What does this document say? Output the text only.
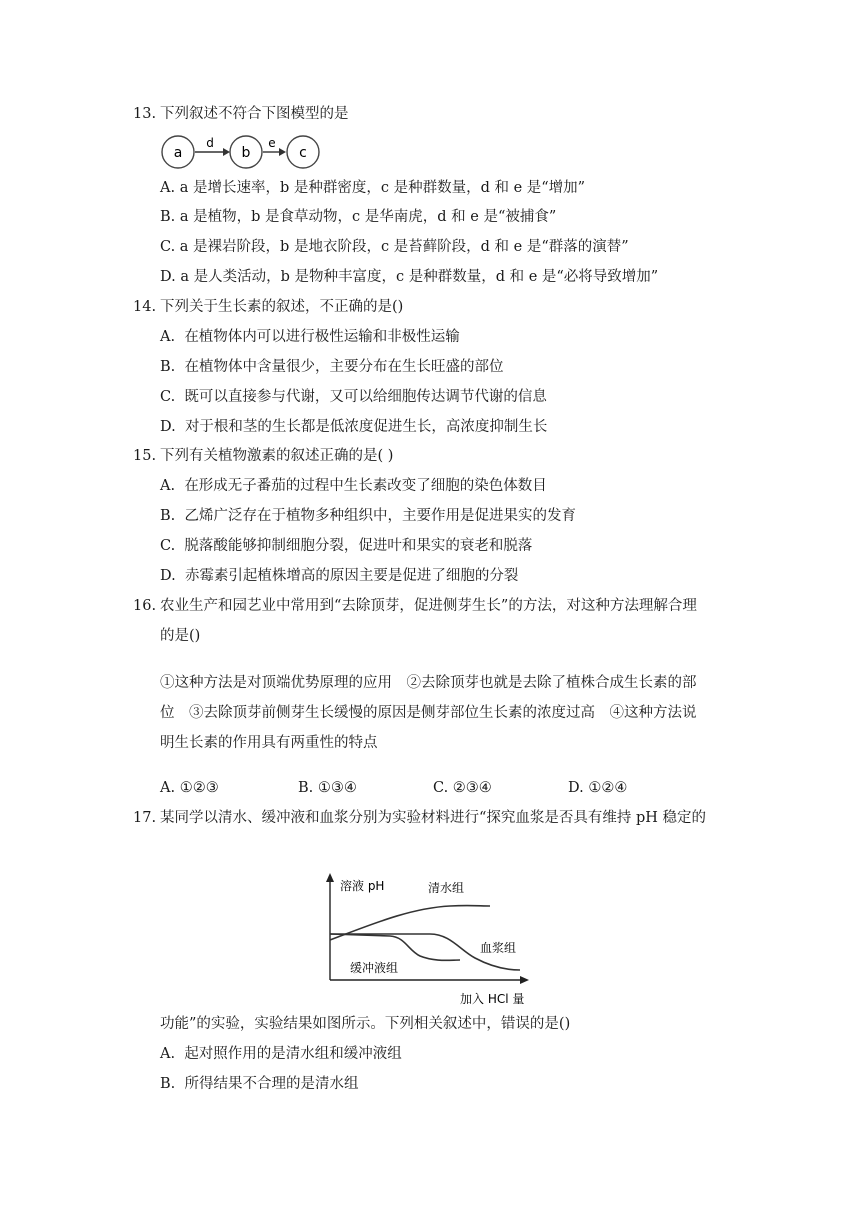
13. 下列叙述不符合下图模型的是
a
d
b
e
c
A. a 是增长速率，b 是种群密度，c 是种群数量，d 和 e 是“增加”
B. a 是植物，b 是食草动物，c 是华南虎，d 和 e 是“被捕食”
C. a 是裸岩阶段，b 是地衣阶段，c 是苔藓阶段，d 和 e 是“群落的演替”
D. a 是人类活动，b 是物种丰富度，c 是种群数量，d 和 e 是“必将导致增加”
14. 下列关于生长素的叙述，不正确的是()
A. 在植物体内可以进行极性运输和非极性运输
B. 在植物体中含量很少，主要分布在生长旺盛的部位
C. 既可以直接参与代谢，又可以给细胞传达调节代谢的信息
D. 对于根和茎的生长都是低浓度促进生长，高浓度抑制生长
15. 下列有关植物激素的叙述正确的是( )
A. 在形成无子番茄的过程中生长素改变了细胞的染色体数目
B. 乙烯广泛存在于植物多种组织中，主要作用是促进果实的发育
C. 脱落酸能够抑制细胞分裂，促进叶和果实的衰老和脱落
D. 赤霉素引起植株增高的原因主要是促进了细胞的分裂
16. 农业生产和园艺业中常用到“去除顶芽，促进侧芽生长”的方法，对这种方法理解合理
的是()
①这种方法是对顶端优势原理的应用　②去除顶芽也就是去除了植株合成生长素的部
位　③去除顶芽前侧芽生长缓慢的原因是侧芽部位生长素的浓度过高　④这种方法说
明生长素的作用具有两重性的特点
A. ①②③	B. ①③④	C. ②③④	D. ①②④
17. 某同学以清水、缓冲液和血浆分别为实验材料进行“探究血浆是否具有维持 pH 稳定的
溶液 pH
加入 HCl 量
清水组
血浆组
缓冲液组
功能”的实验，实验结果如图所示。下列相关叙述中，错误的是()
A. 起对照作用的是清水组和缓冲液组
B. 所得结果不合理的是清水组
